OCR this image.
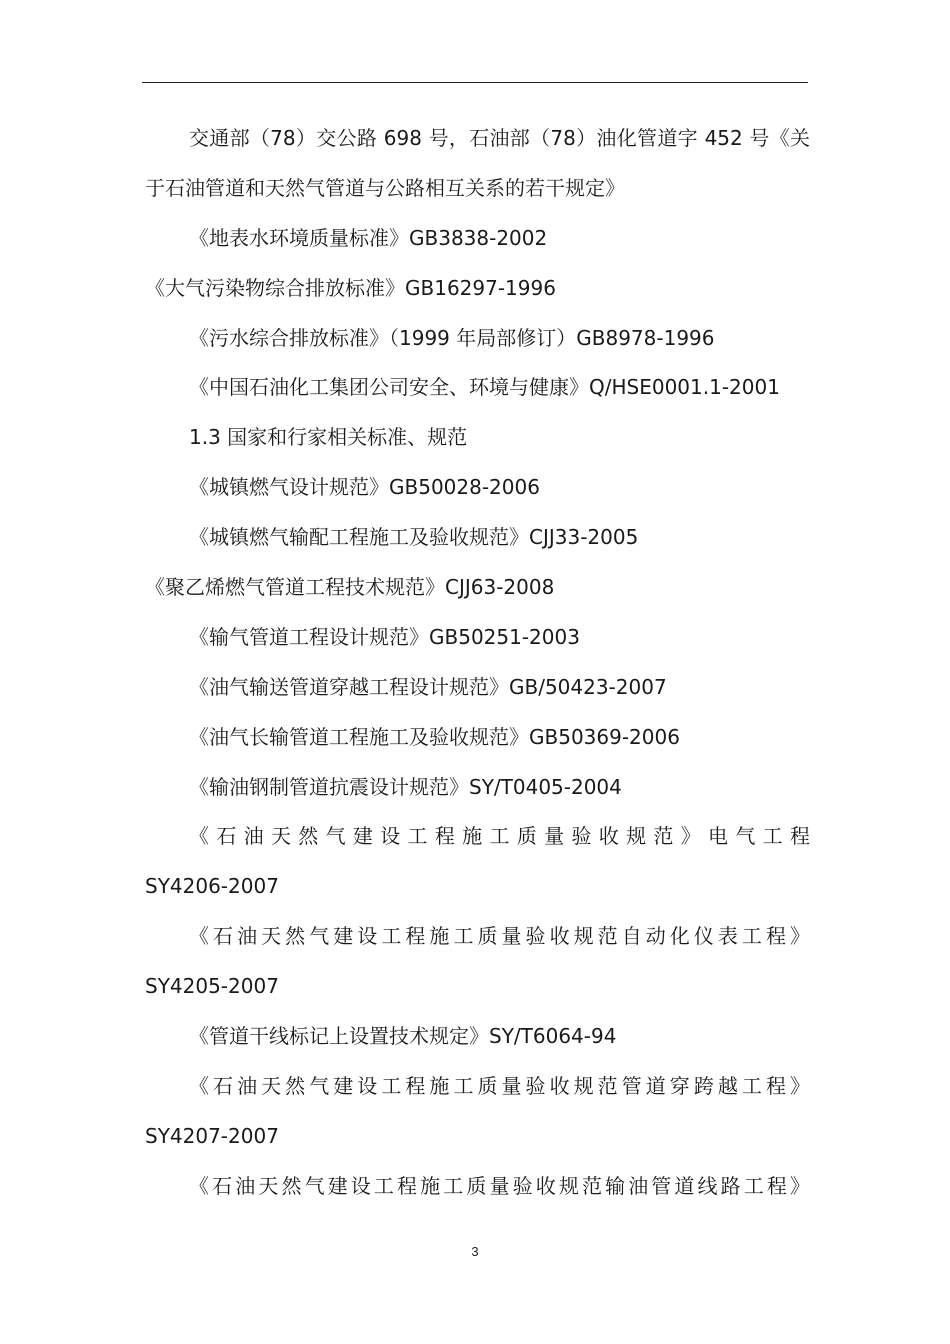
交通部（78）交公路 698 号，石油部（78）油化管道字 452 号《关
于石油管道和天然气管道与公路相互关系的若干规定》
《地表水环境质量标准》GB3838-2002
《大气污染物综合排放标准》GB16297-1996
《污水综合排放标准》（1999 年局部修订）GB8978-1996
《中国石油化工集团公司安全、环境与健康》Q/HSE0001.1-2001
1.3 国家和行家相关标准、规范
《城镇燃气设计规范》GB50028-2006
《城镇燃气输配工程施工及验收规范》CJJ33-2005
《聚乙烯燃气管道工程技术规范》CJJ63-2008
《输气管道工程设计规范》GB50251-2003
《油气输送管道穿越工程设计规范》GB/50423-2007
《油气长输管道工程施工及验收规范》GB50369-2006
《输油钢制管道抗震设计规范》SY/T0405-2004
《石油天然气建设工程施工质量验收规范》电气工程
SY4206-2007
《石油天然气建设工程施工质量验收规范自动化仪表工程》
SY4205-2007
《管道干线标记上设置技术规定》SY/T6064-94
《石油天然气建设工程施工质量验收规范管道穿跨越工程》
SY4207-2007
《石油天然气建设工程施工质量验收规范输油管道线路工程》
3
